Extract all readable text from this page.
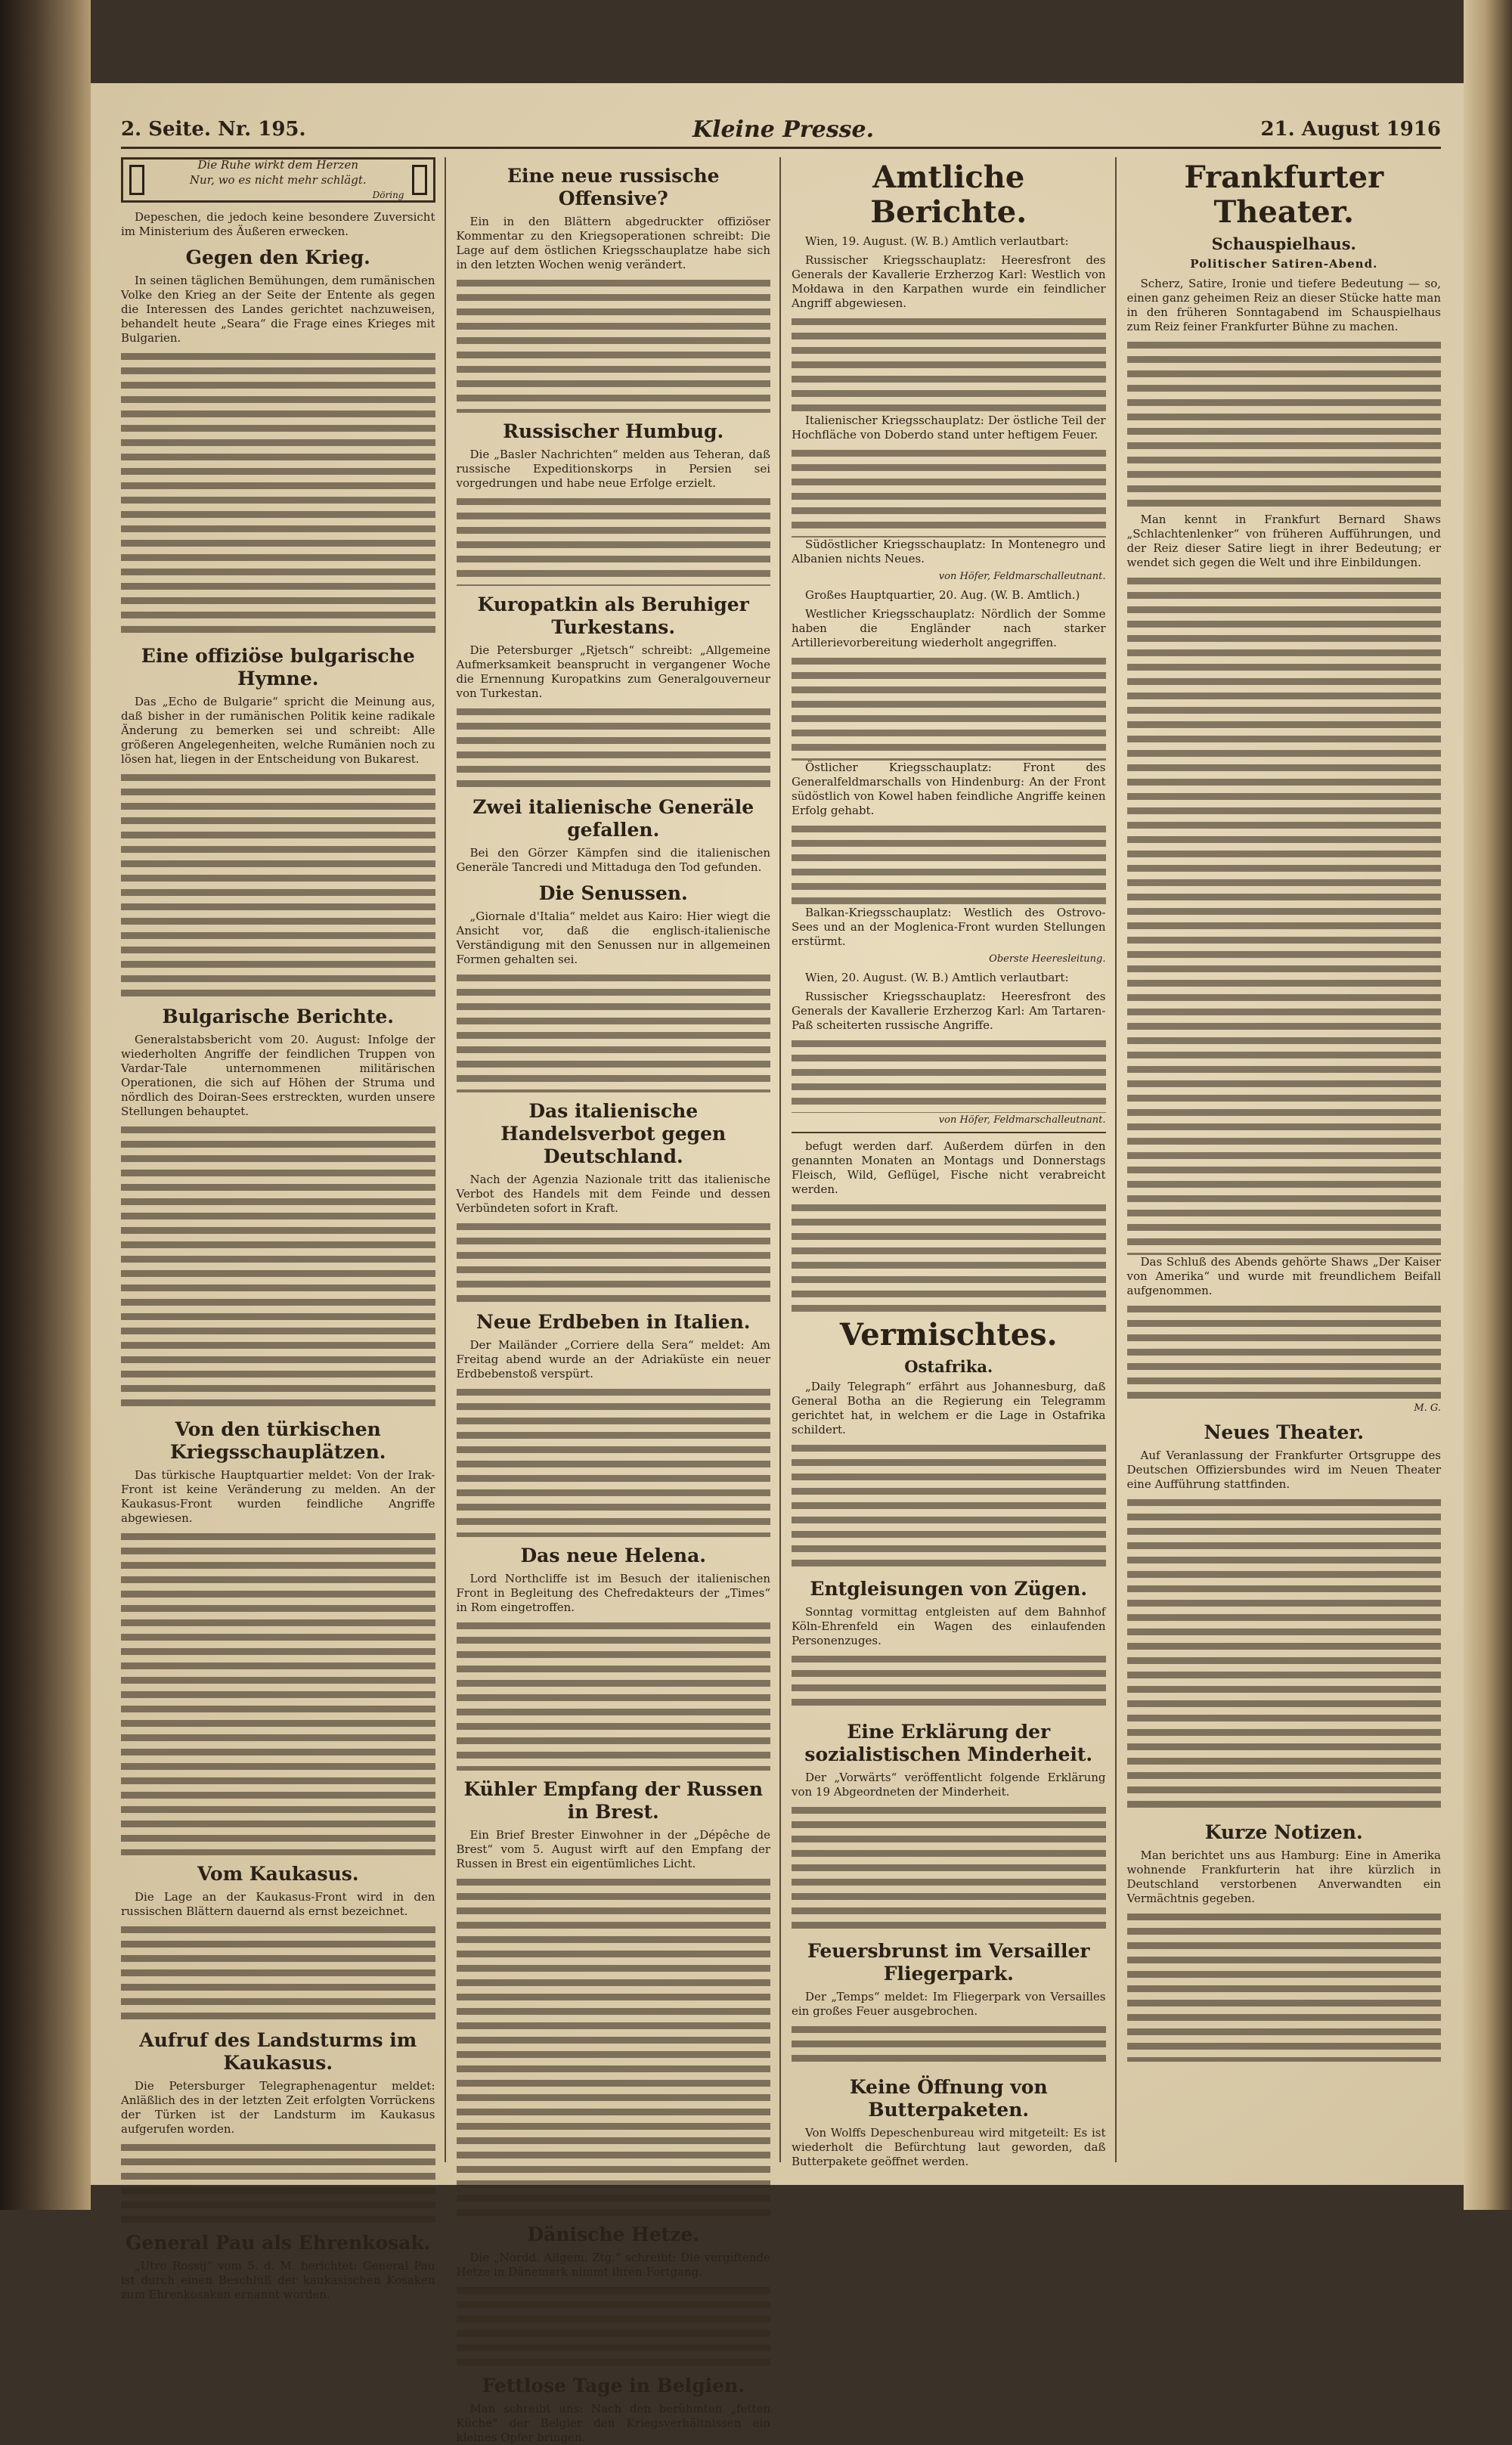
2. Seite. Nr. 195.	Kleine Presse.	21. August 1916
Die Ruhe wirkt dem Herzen
Nur, wo es nicht mehr schlägt.
Döring

Depeschen, die jedoch keine besondere Zuversicht im Ministerium des Äußeren erwecken.

Gegen den Krieg.

In seinen täglichen Bemühungen, dem rumänischen Volke den Krieg an der Seite der Entente als gegen die Interessen des Landes gerichtet nachzuweisen, behandelt heute „Seara“ die Frage eines Krieges mit Bulgarien.

Eine offiziöse bulgarische Hymne.

Das „Echo de Bulgarie“ spricht die Meinung aus, daß bisher in der rumänischen Politik keine radikale Änderung zu bemerken sei und schreibt: Alle größeren Angelegenheiten, welche Rumänien noch zu lösen hat, liegen in der Entscheidung von Bukarest.

Bulgarische Berichte.

Generalstabsbericht vom 20. August: Infolge der wiederholten Angriffe der feindlichen Truppen von Vardar-Tale unternommenen militärischen Operationen, die sich auf Höhen der Struma und nördlich des Doiran-Sees erstreckten, wurden unsere Stellungen behauptet.

Von den türkischen Kriegsschauplätzen.

Das türkische Hauptquartier meldet: Von der Irak-Front ist keine Veränderung zu melden. An der Kaukasus-Front wurden feindliche Angriffe abgewiesen.

Vom Kaukasus.

Die Lage an der Kaukasus-Front wird in den russischen Blättern dauernd als ernst bezeichnet.

Aufruf des Landsturms im Kaukasus.

Die Petersburger Telegraphenagentur meldet: Anläßlich des in der letzten Zeit erfolgten Vorrückens der Türken ist der Landsturm im Kaukasus aufgerufen worden.

General Pau als Ehrenkosak.

„Utro Rossij“ vom 5. d. M. berichtet: General Pau ist durch einen Beschluß der kaukasischen Kosaken zum Ehrenkosaken ernannt worden.

Eine neue russische Offensive?

Ein in den Blättern abgedruckter offiziöser Kommentar zu den Kriegsoperationen schreibt: Die Lage auf dem östlichen Kriegsschauplatze habe sich in den letzten Wochen wenig verändert.

Russischer Humbug.

Die „Basler Nachrichten“ melden aus Teheran, daß russische Expeditionskorps in Persien sei vorgedrungen und habe neue Erfolge erzielt.

Kuropatkin als Beruhiger Turkestans.

Die Petersburger „Rjetsch“ schreibt: „Allgemeine Aufmerksamkeit beansprucht in vergangener Woche die Ernennung Kuropatkins zum Generalgouverneur von Turkestan.

Zwei italienische Generäle gefallen.

Bei den Görzer Kämpfen sind die italienischen Generäle Tancredi und Mittaduga den Tod gefunden.

Die Senussen.

„Giornale d'Italia“ meldet aus Kairo: Hier wiegt die Ansicht vor, daß die englisch-italienische Verständigung mit den Senussen nur in allgemeinen Formen gehalten sei.

Das italienische Handelsverbot gegen Deutschland.

Nach der Agenzia Nazionale tritt das italienische Verbot des Handels mit dem Feinde und dessen Verbündeten sofort in Kraft.

Neue Erdbeben in Italien.

Der Mailänder „Corriere della Sera“ meldet: Am Freitag abend wurde an der Adriaküste ein neuer Erdbebenstoß verspürt.

Das neue Helena.

Lord Northcliffe ist im Besuch der italienischen Front in Begleitung des Chefredakteurs der „Times“ in Rom eingetroffen.

Kühler Empfang der Russen in Brest.

Ein Brief Brester Einwohner in der „Dépêche de Brest“ vom 5. August wirft auf den Empfang der Russen in Brest ein eigentümliches Licht.

Dänische Hetze.

Die „Nordd. Allgem. Ztg.“ schreibt: Die vergiftende Hetze in Dänemark nimmt ihren Fortgang.

Fettlose Tage in Belgien.

Man schreibt uns: Nach den berühmten „fetten Küche“ der Belgier den Kriegsverhältnissen ein kleines Opfer bringen.

Amtliche Berichte.

Wien, 19. August. (W. B.) Amtlich verlautbart:

Russischer Kriegsschauplatz: Heeresfront des Generals der Kavallerie Erzherzog Karl: Westlich von Mołdawa in den Karpathen wurde ein feindlicher Angriff abgewiesen.

Italienischer Kriegsschauplatz: Der östliche Teil der Hochfläche von Doberdo stand unter heftigem Feuer.

Südöstlicher Kriegsschauplatz: In Montenegro und Albanien nichts Neues.

von Höfer, Feldmarschalleutnant.

Großes Hauptquartier, 20. Aug. (W. B. Amtlich.)

Westlicher Kriegsschauplatz: Nördlich der Somme haben die Engländer nach starker Artillerievorbereitung wiederholt angegriffen.

Östlicher Kriegsschauplatz: Front des Generalfeldmarschalls von Hindenburg: An der Front südöstlich von Kowel haben feindliche Angriffe keinen Erfolg gehabt.

Balkan-Kriegsschauplatz: Westlich des Ostrovo-Sees und an der Moglenica-Front wurden Stellungen erstürmt.

Oberste Heeresleitung.

Wien, 20. August. (W. B.) Amtlich verlautbart:

Russischer Kriegsschauplatz: Heeresfront des Generals der Kavallerie Erzherzog Karl: Am Tartaren-Paß scheiterten russische Angriffe.

von Höfer, Feldmarschalleutnant.

befugt werden darf. Außerdem dürfen in den genannten Monaten an Montags und Donnerstags Fleisch, Wild, Geflügel, Fische nicht verabreicht werden.

Vermischtes.
Ostafrika.

„Daily Telegraph“ erfährt aus Johannesburg, daß General Botha an die Regierung ein Telegramm gerichtet hat, in welchem er die Lage in Ostafrika schildert.

Entgleisungen von Zügen.

Sonntag vormittag entgleisten auf dem Bahnhof Köln-Ehrenfeld ein Wagen des einlaufenden Personenzuges.

Eine Erklärung der sozialistischen Minderheit.

Der „Vorwärts“ veröffentlicht folgende Erklärung von 19 Abgeordneten der Minderheit.

Feuersbrunst im Versailler Fliegerpark.

Der „Temps“ meldet: Im Fliegerpark von Versailles ein großes Feuer ausgebrochen.

Keine Öffnung von Butterpaketen.

Von Wolffs Depeschenbureau wird mitgeteilt: Es ist wiederholt die Befürchtung laut geworden, daß Butterpakete geöffnet werden.

Frankfurter Theater.
Schauspielhaus.
Politischer Satiren-Abend.

Scherz, Satire, Ironie und tiefere Bedeutung — so, einen ganz geheimen Reiz an dieser Stücke hatte man in den früheren Sonntagabend im Schauspielhaus zum Reiz feiner Frankfurter Bühne zu machen.

Man kennt in Frankfurt Bernard Shaws „Schlachtenlenker“ von früheren Aufführungen, und der Reiz dieser Satire liegt in ihrer Bedeutung; er wendet sich gegen die Welt und ihre Einbildungen.

Das Schluß des Abends gehörte Shaws „Der Kaiser von Amerika“ und wurde mit freundlichem Beifall aufgenommen.

M. G.
Neues Theater.

Auf Veranlassung der Frankfurter Ortsgruppe des Deutschen Offiziersbundes wird im Neuen Theater eine Aufführung stattfinden.

Kurze Notizen.

Man berichtet uns aus Hamburg: Eine in Amerika wohnende Frankfurterin hat ihre kürzlich in Deutschland verstorbenen Anverwandten ein Vermächtnis gegeben.
